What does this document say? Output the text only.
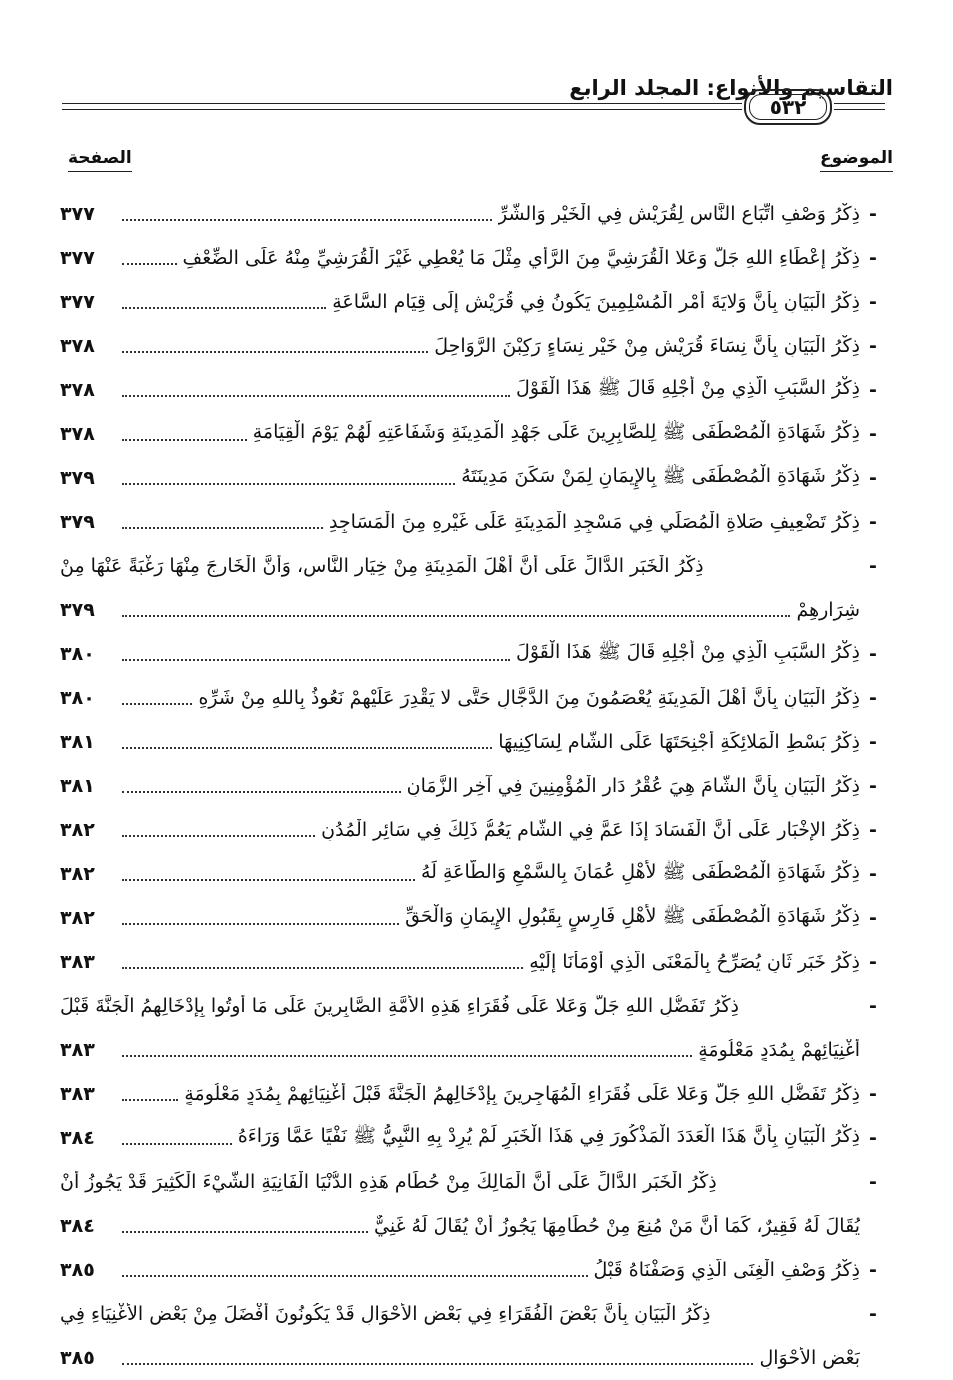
التقاسيم والأنواع: المجلد الرابع
٥٣٢
الموضوع
الصفحة
-
ذِكْرُ وَصْفِ اتِّبَاعِ النَّاسِ لِقُرَيْشٍ فِي الْخَيْرِ وَالشَّرِّ
٣٧٧
-
ذِكْرُ إِعْطَاءِ اللهِ جَلَّ وَعَلا الْقُرَشِيَّ مِنَ الرَّأْيِ مِثْلَ مَا يُعْطِي غَيْرَ الْقُرَشِيِّ مِنْهُ عَلَى الضِّعْفِ
٣٧٧
-
ذِكْرُ الْبَيَانِ بِأَنَّ وَلايَةَ أَمْرِ الْمُسْلِمِينَ يَكُونُ فِي قُرَيْشٍ إِلَى قِيَامِ السَّاعَةِ
٣٧٧
-
ذِكْرُ الْبَيَانِ بِأَنَّ نِسَاءَ قُرَيْشٍ مِنْ خَيْرِ نِسَاءٍ رَكِبْنَ الرَّوَاحِلَ
٣٧٨
-
ذِكْرُ السَّبَبِ الَّذِي مِنْ أَجْلِهِ قَالَ ﷺ هَذَا الْقَوْلَ
٣٧٨
-
ذِكْرُ شَهَادَةِ الْمُصْطَفَى ﷺ لِلصَّابِرِينَ عَلَى جَهْدِ الْمَدِينَةِ وَشَفَاعَتِهِ لَهُمْ يَوْمَ الْقِيَامَةِ
٣٧٨
-
ذِكْرُ شَهَادَةِ الْمُصْطَفَى ﷺ بِالإِيمَانِ لِمَنْ سَكَنَ مَدِينَتَهُ
٣٧٩
-
ذِكْرُ تَضْعِيفِ صَلاةِ الْمُصَلِّي فِي مَسْجِدِ الْمَدِينَةِ عَلَى غَيْرِهِ مِنَ الْمَسَاجِدِ
٣٧٩
-
ذِكْرُ الْخَبَرِ الدَّالِّ عَلَى أَنَّ أَهْلَ الْمَدِينَةِ مِنْ خِيَارِ النَّاسِ، وَأَنَّ الْخَارِجَ مِنْهَا رَغْبَةً عَنْهَا مِنْ
شِرَارِهِمْ
٣٧٩
-
ذِكْرُ السَّبَبِ الَّذِي مِنْ أَجْلِهِ قَالَ ﷺ هَذَا الْقَوْلَ
٣٨٠
-
ذِكْرُ الْبَيَانِ بِأَنَّ أَهْلَ الْمَدِينَةِ يُعْصَمُونَ مِنَ الدَّجَّالِ حَتَّى لا يَقْدِرَ عَلَيْهِمْ نَعُوذُ بِاللهِ مِنْ شَرِّهِ
٣٨٠
-
ذِكْرُ بَسْطِ الْمَلائِكَةِ أَجْنِحَتَهَا عَلَى الشَّامِ لِسَاكِنِيهَا
٣٨١
-
ذِكْرُ الْبَيَانِ بِأَنَّ الشَّامَ هِيَ عُقْرُ دَارِ الْمُؤْمِنِينَ فِي آخِرِ الزَّمَانِ
٣٨١
-
ذِكْرُ الإِخْبَارِ عَلَى أَنَّ الْفَسَادَ إِذَا عَمَّ فِي الشَّامِ يَعُمُّ ذَلِكَ فِي سَائِرِ الْمُدُنِ
٣٨٢
-
ذِكْرُ شَهَادَةِ الْمُصْطَفَى ﷺ لأَهْلِ عُمَانَ بِالسَّمْعِ وَالطَّاعَةِ لَهُ
٣٨٢
-
ذِكْرُ شَهَادَةِ الْمُصْطَفَى ﷺ لأَهْلِ فَارِسٍ بِقَبُولِ الإِيمَانِ وَالْحَقِّ
٣٨٢
-
ذِكْرُ خَبَرٍ ثَانٍ يُصَرِّحُ بِالْمَعْنَى الَّذِي أَوْمَأْنَا إِلَيْهِ
٣٨٣
-
ذِكْرُ تَفَضُّلِ اللهِ جَلَّ وَعَلا عَلَى فُقَرَاءِ هَذِهِ الأُمَّةِ الصَّابِرِينَ عَلَى مَا أُوتُوا بِإِدْخَالِهِمُ الْجَنَّةَ قَبْلَ
أَغْنِيَائِهِمْ بِمُدَدٍ مَعْلُومَةٍ
٣٨٣
-
ذِكْرُ تَفَضُّلِ اللهِ جَلَّ وَعَلا عَلَى فُقَرَاءِ الْمُهَاجِرِينَ بِإِدْخَالِهِمُ الْجَنَّةَ قَبْلَ أَغْنِيَائِهِمْ بِمُدَدٍ مَعْلُومَةٍ
٣٨٣
-
ذِكْرُ الْبَيَانِ بِأَنَّ هَذَا الْعَدَدَ الْمَذْكُورَ فِي هَذَا الْخَبَرِ لَمْ يُرِدْ بِهِ النَّبِيُّ ﷺ نَفْيًا عَمَّا وَرَاءَهُ
٣٨٤
-
ذِكْرُ الْخَبَرِ الدَّالِّ عَلَى أَنَّ الْمَالِكَ مِنْ حُطَامِ هَذِهِ الدُّنْيَا الْفَانِيَةِ الشَّيْءَ الْكَثِيرَ قَدْ يَجُوزُ أَنْ
يُقَالَ لَهُ فَقِيرٌ، كَمَا أَنَّ مَنْ مُنِعَ مِنْ حُطَامِهَا يَجُوزُ أَنْ يُقَالَ لَهُ غَنِيٌّ
٣٨٤
-
ذِكْرُ وَصْفِ الْغِنَى الَّذِي وَصَفْنَاهُ قَبْلُ
٣٨٥
-
ذِكْرُ الْبَيَانِ بِأَنَّ بَعْضَ الْفُقَرَاءِ فِي بَعْضِ الأَحْوَالِ قَدْ يَكُونُونَ أَفْضَلَ مِنْ بَعْضِ الأَغْنِيَاءِ فِي
بَعْضِ الأَحْوَالِ
٣٨٥
